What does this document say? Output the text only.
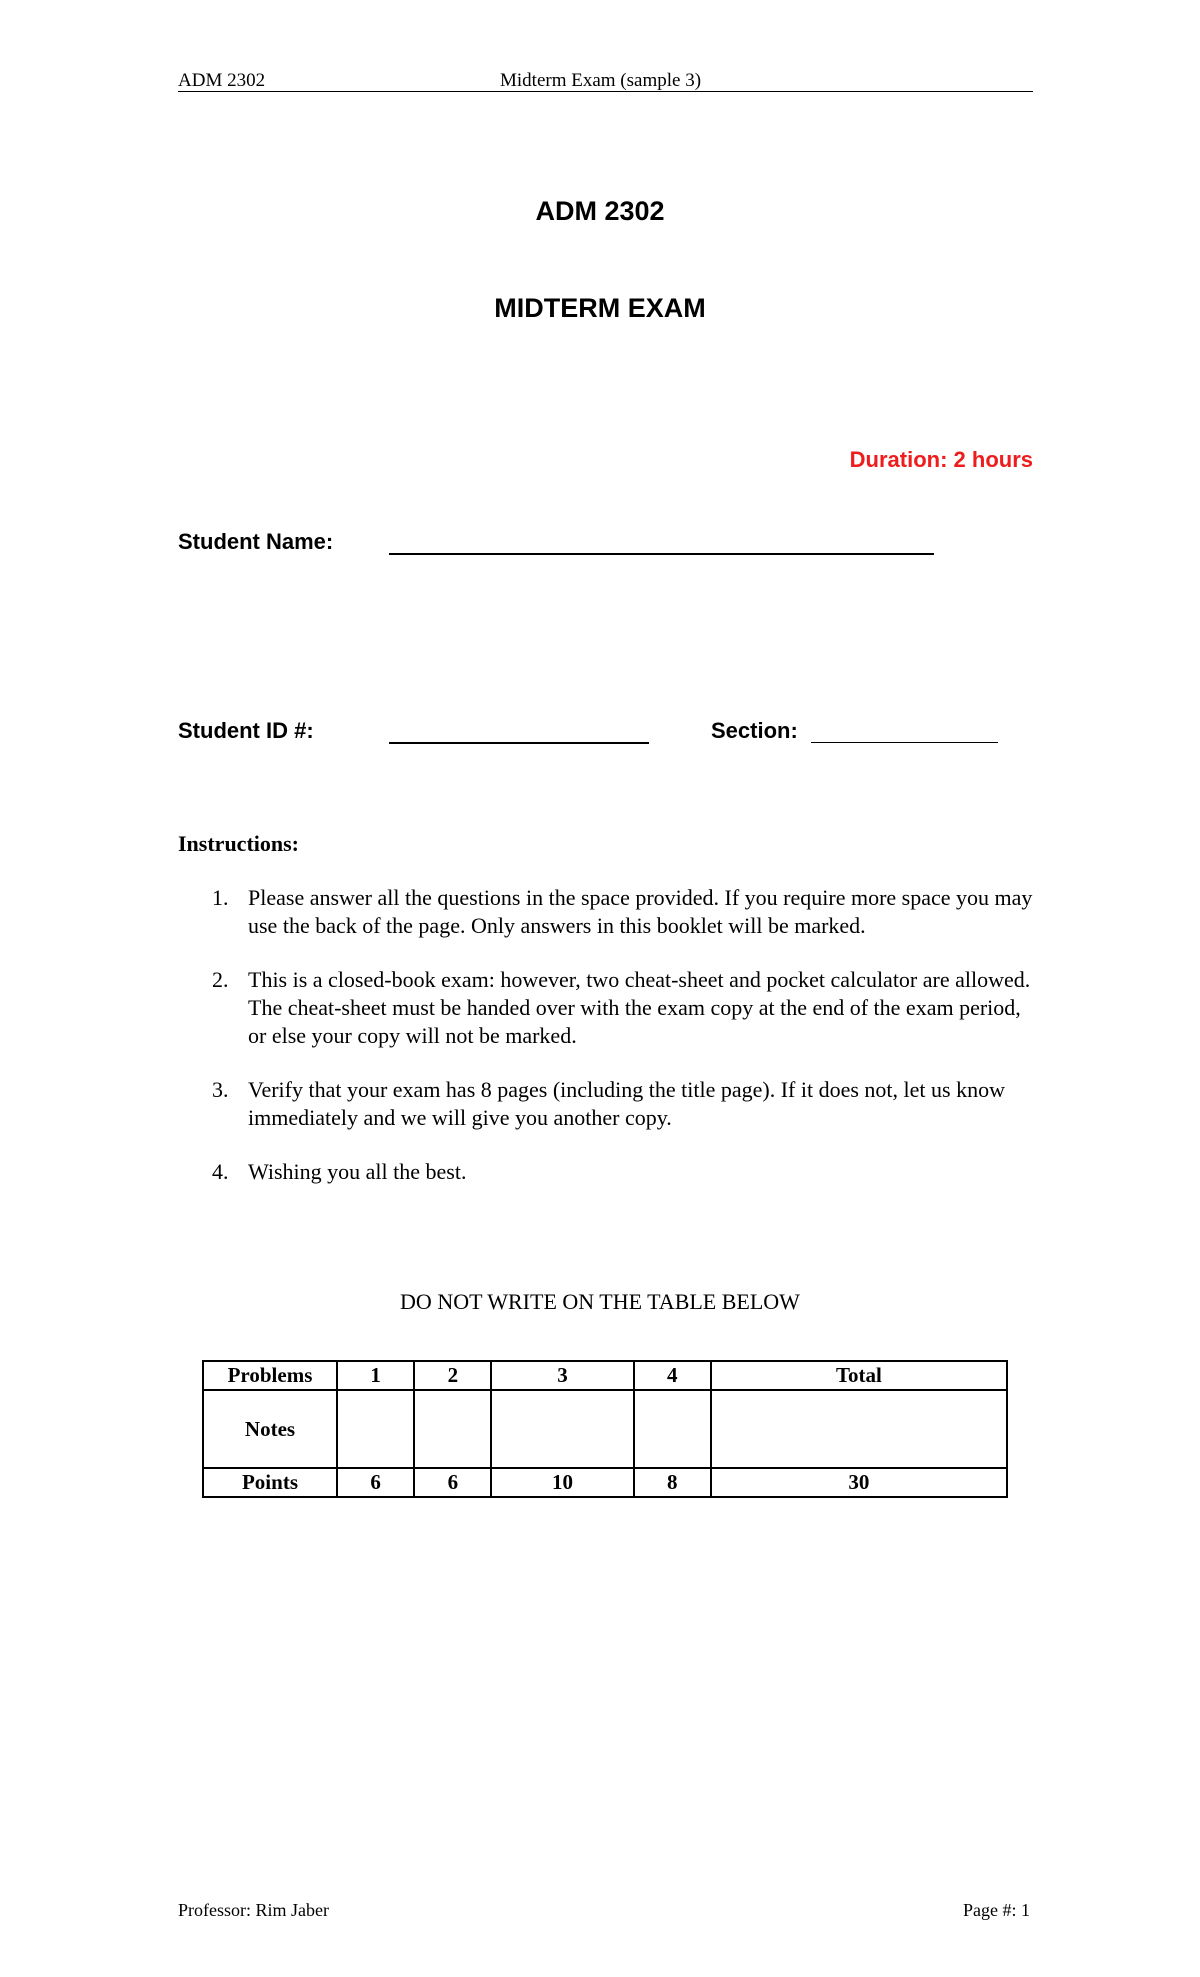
ADM 2302	Midterm Exam (sample 3)
ADM 2302
MIDTERM EXAM
Duration: 2 hours
Student Name:
Student ID #:	Section:
Instructions:
1. Please answer all the questions in the space provided. If you require more space you may use the back of the page. Only answers in this booklet will be marked.
2. This is a closed-book exam: however, two cheat-sheet and pocket calculator are allowed. The cheat-sheet must be handed over with the exam copy at the end of the exam period, or else your copy will not be marked.
3. Verify that your exam has 8 pages (including the title page). If it does not, let us know immediately and we will give you another copy.
4. Wishing you all the best.
DO NOT WRITE ON THE TABLE BELOW
Problems	1	2	3	4	Total
Notes					
Points	6	6	10	8	30
Professor: Rim Jaber	Page #: 1
